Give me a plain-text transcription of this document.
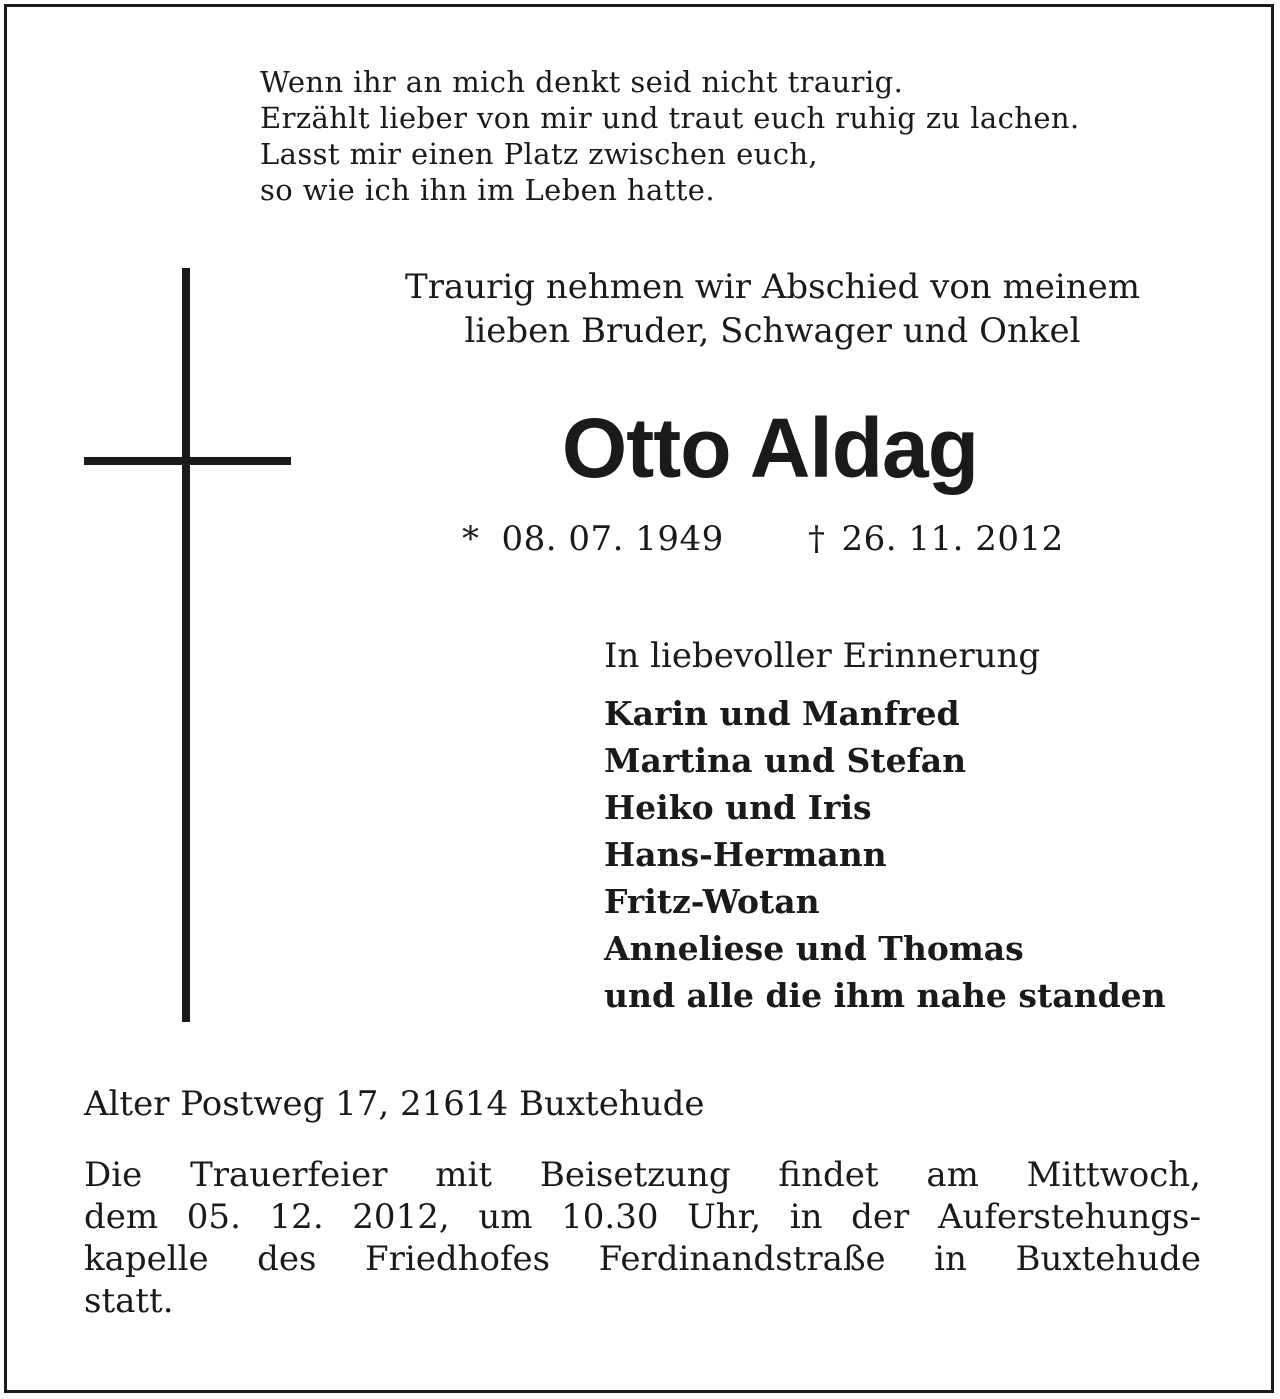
Wenn ihr an mich denkt seid nicht traurig.
Erzählt lieber von mir und traut euch ruhig zu lachen.
Lasst mir einen Platz zwischen euch,
so wie ich ihn im Leben hatte.
Traurig nehmen wir Abschied von meinem
lieben Bruder, Schwager und Onkel
Otto Aldag
* 08. 07. 1949 † 26. 11. 2012
In liebevoller Erinnerung
Karin und Manfred
Martina und Stefan
Heiko und Iris
Hans-Hermann
Fritz-Wotan
Anneliese und Thomas
und alle die ihm nahe standen
Alter Postweg 17, 21614 Buxtehude
Die Trauerfeier mit Beisetzung findet am Mittwoch,
dem 05. 12. 2012, um 10.30 Uhr, in der Auferstehungs-
kapelle des Friedhofes Ferdinandstraße in Buxtehude
statt.
